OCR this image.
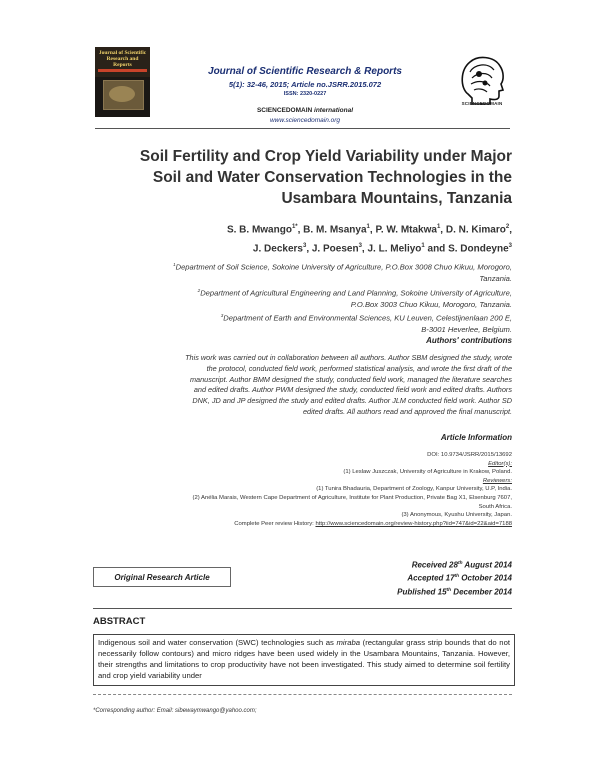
Journal of Scientific Research and Reports
Journal of Scientific Research & Reports
5(1): 32-46, 2015; Article no.JSRR.2015.072
ISSN: 2320-0227
SCIENCEDOMAIN international
www.sciencedomain.org
SCIENCEDOMAIN
Soil Fertility and Crop Yield Variability under Major
Soil and Water Conservation Technologies in the
Usambara Mountains, Tanzania
S. B. Mwango$^{1*}$, B. M. Msanya$^1$, P. W. Mtakwa$^1$, D. N. Kimaro$^2$,
J. Deckers$^3$, J. Poesen$^3$, J. L. Meliyo$^1$ and S. Dondeyne$^3$
$^1$Department of Soil Science, Sokoine University of Agriculture, P.O.Box 3008 Chuo Kikuu, Morogoro,
Tanzania.
$^2$Department of Agricultural Engineering and Land Planning, Sokoine University of Agriculture,
P.O.Box 3003 Chuo Kikuu, Morogoro, Tanzania.
$^3$Department of Earth and Environmental Sciences, KU Leuven, Celestijnenlaan 200 E,
B-3001 Heverlee, Belgium.
Authors' contributions
This work was carried out in collaboration between all authors. Author SBM designed the study, wrote
the protocol, conducted field work, performed statistical analysis, and wrote the first draft of the
manuscript. Author BMM designed the study, conducted field work, managed the literature searches
and edited drafts. Author PWM designed the study, conducted field work and edited drafts. Authors
DNK, JD and JP designed the study and edited drafts. Author JLM conducted field work. Author SD
edited drafts. All authors read and approved the final manuscript.
Article Information
DOI: 10.9734/JSRR/2015/13692
Editor(s):
(1) Leslaw Juszczak, University of Agriculture in Krakow, Poland.
Reviewers:
(1) Tunira Bhadauria, Department of Zoology, Kanpur University, U.P, India.
(2) Anélia Marais, Western Cape Department of Agriculture, Institute for Plant Production, Private Bag X1, Elsenburg 7607,
South Africa.
(3) Anonymous, Kyushu University, Japan.
Complete Peer review History: http://www.sciencedomain.org/review-history.php?iid=747&id=22&aid=7188
Original Research Article
Received 28th August 2014
Accepted 17th October 2014
Published 15th December 2014
ABSTRACT
Indigenous soil and water conservation (SWC) technologies such as miraba (rectangular grass strip bounds that do not necessarily follow contours) and micro ridges have been used widely in the Usambara Mountains, Tanzania. However, their strengths and limitations to crop productivity have not been investigated. This study aimed to determine soil fertility and crop yield variability under
*Corresponding author: Email: sibewaymwango@yahoo.com;
